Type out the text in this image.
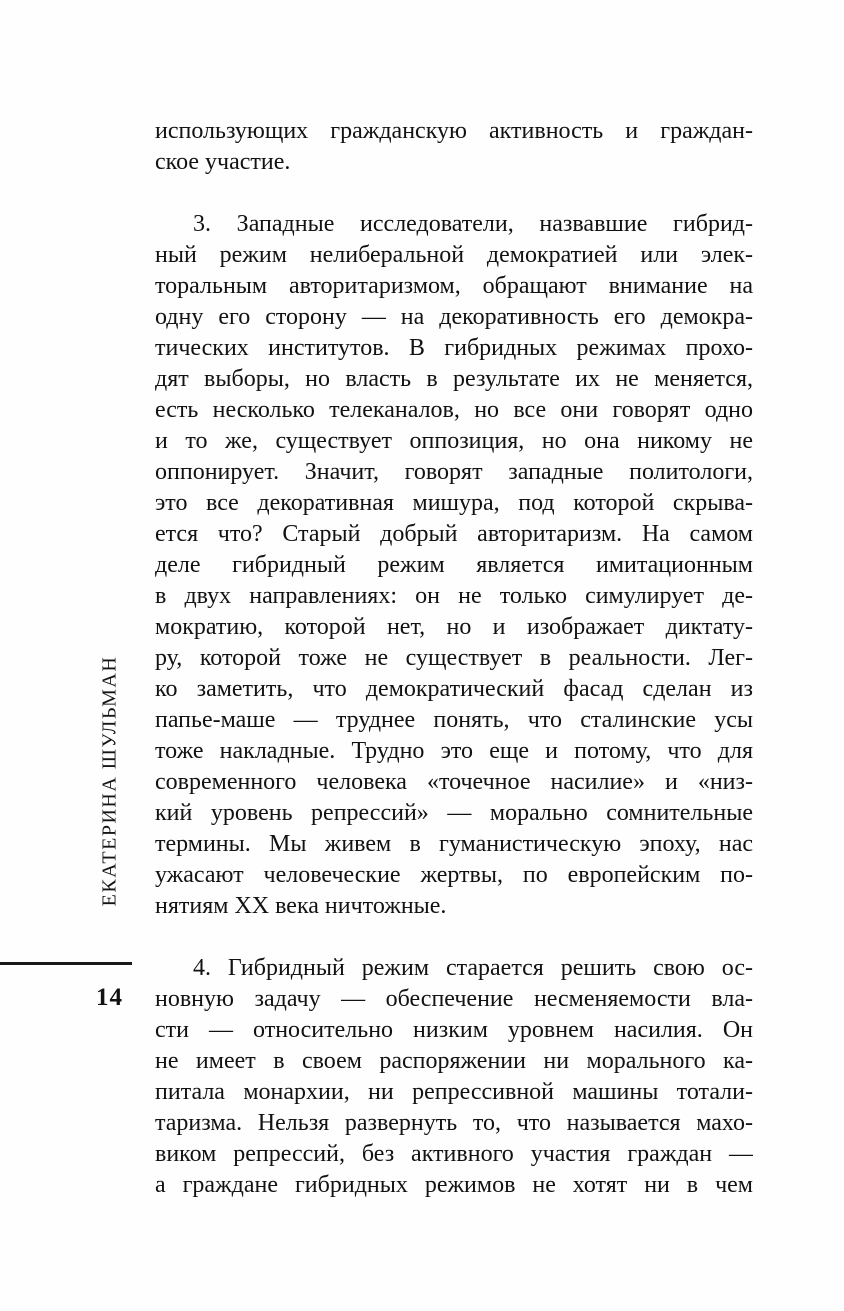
ЕКАТЕРИНА ШУЛЬМАН
14
использующих гражданскую активность и граждан-
ское участие.
3. Западные исследователи, назвавшие гибрид-
ный режим нелиберальной демократией или элек-
торальным авторитаризмом, обращают внимание на
одну его сторону — на декоративность его демокра-
тических институтов. В гибридных режимах прохо-
дят выборы, но власть в результате их не меняется,
есть несколько телеканалов, но все они говорят одно
и то же, существует оппозиция, но она никому не
оппонирует. Значит, говорят западные политологи,
это все декоративная мишура, под которой скрыва-
ется что? Старый добрый авторитаризм. На самом
деле гибридный режим является имитационным
в двух направлениях: он не только симулирует де-
мократию, которой нет, но и изображает диктату-
ру, которой тоже не существует в реальности. Лег-
ко заметить, что демократический фасад сделан из
папье-маше — труднее понять, что сталинские усы
тоже накладные. Трудно это еще и потому, что для
современного человека «точечное насилие» и «низ-
кий уровень репрессий» — морально сомнительные
термины. Мы живем в гуманистическую эпоху, нас
ужасают человеческие жертвы, по европейским по-
нятиям XX века ничтожные.
4. Гибридный режим старается решить свою ос-
новную задачу — обеспечение несменяемости вла-
сти — относительно низким уровнем насилия. Он
не имеет в своем распоряжении ни морального ка-
питала монархии, ни репрессивной машины тотали-
таризма. Нельзя развернуть то, что называется махо-
виком репрессий, без активного участия граждан —
а граждане гибридных режимов не хотят ни в чем
